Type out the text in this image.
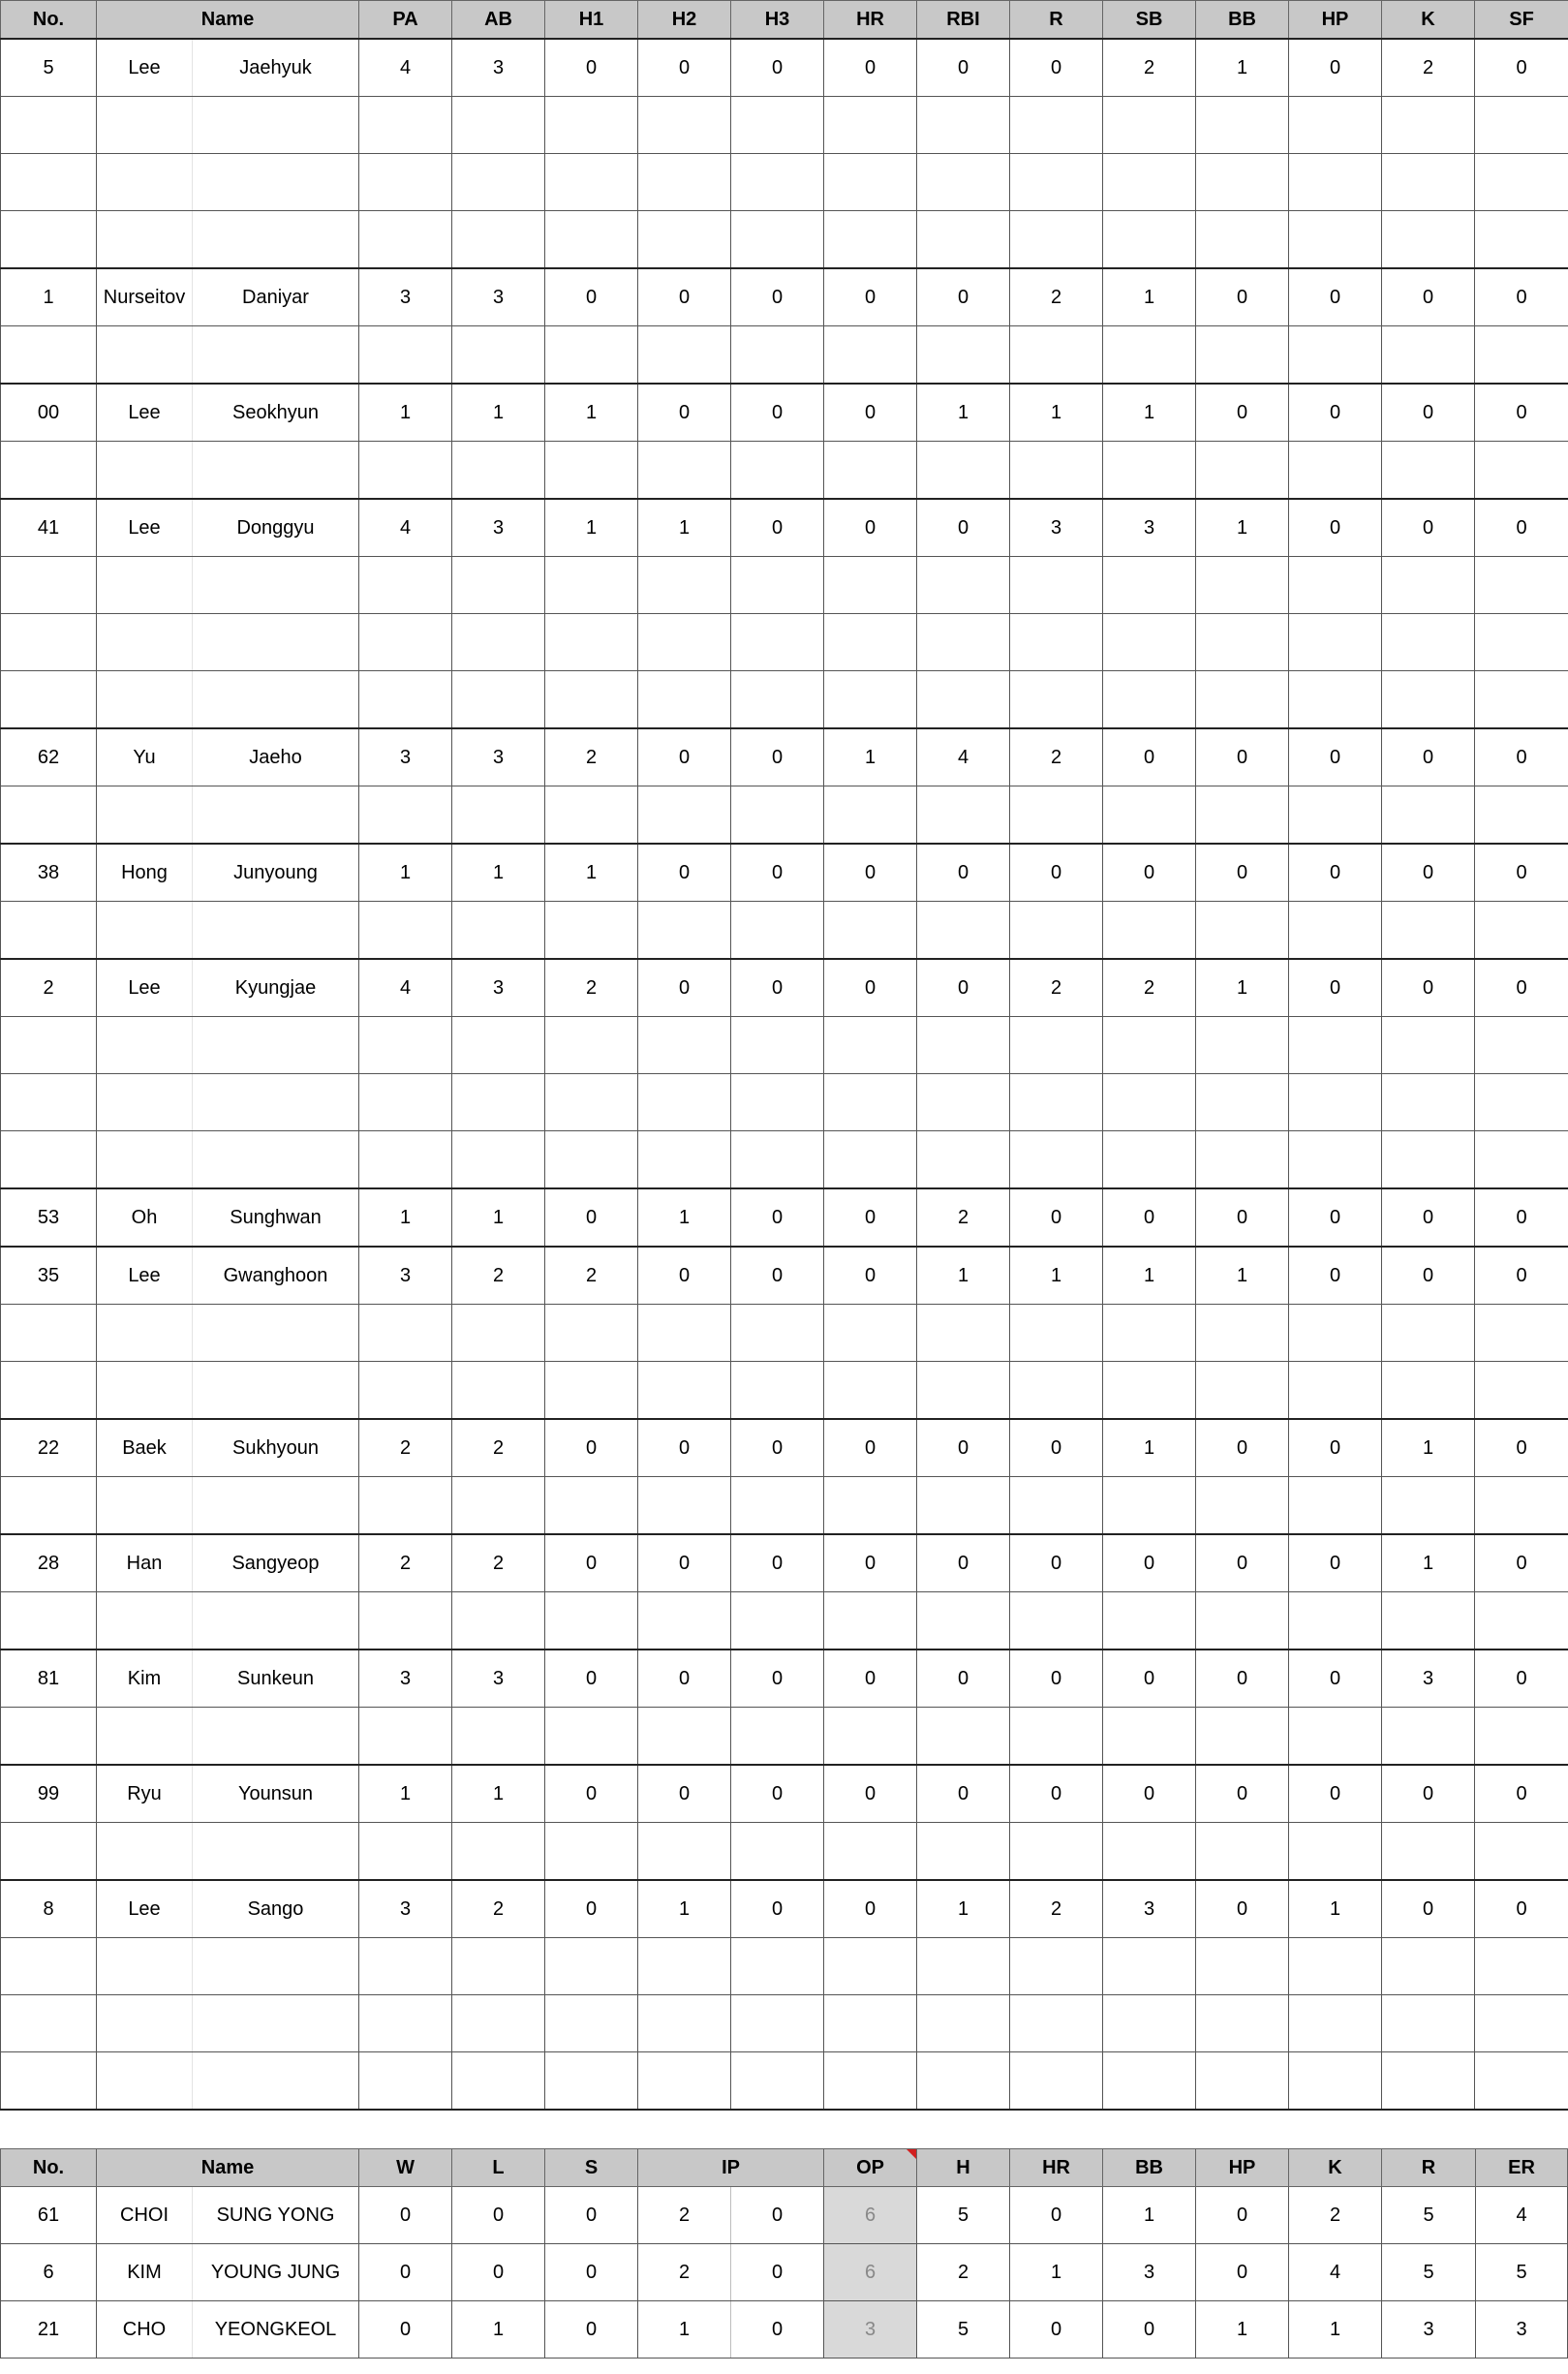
No.	Name		PA	AB	H1	H2	H3	HR	RBI	R	SB	BB	HP	K	SF
5	Lee	Jaehyuk	4	3	0	0	0	0	0	0	2	1	0	2	0

1	Nurseitov	Daniyar	3	3	0	0	0	0	0	2	1	0	0	0	0

00	Lee	Seokhyun	1	1	1	0	0	0	1	1	1	0	0	0	0

41	Lee	Donggyu	4	3	1	1	0	0	0	3	3	1	0	0	0

62	Yu	Jaeho	3	3	2	0	0	1	4	2	0	0	0	0	0

38	Hong	Junyoung	1	1	1	0	0	0	0	0	0	0	0	0	0

2	Lee	Kyungjae	4	3	2	0	0	0	0	2	2	1	0	0	0

53	Oh	Sunghwan	1	1	0	1	0	0	2	0	0	0	0	0	0
35	Lee	Gwanghoon	3	2	2	0	0	0	1	1	1	1	0	0	0

22	Baek	Sukhyoun	2	2	0	0	0	0	0	0	1	0	0	1	0

28	Han	Sangyeop	2	2	0	0	0	0	0	0	0	0	0	1	0

81	Kim	Sunkeun	3	3	0	0	0	0	0	0	0	0	0	3	0

99	Ryu	Younsun	1	1	0	0	0	0	0	0	0	0	0	0	0

8	Lee	Sango	3	2	0	1	0	0	1	2	3	0	1	0	0

No.	Name		W	L	S	IP		OP	H	HR	BB	HP	K	R	ER
61	CHOI	SUNG YONG	0	0	0	2	0	6	5	0	1	0	2	5	4
6	KIM	YOUNG JUNG	0	0	0	2	0	6	2	1	3	0	4	5	5
21	CHO	YEONGKEOL	0	1	0	1	0	3	5	0	0	1	1	3	3
